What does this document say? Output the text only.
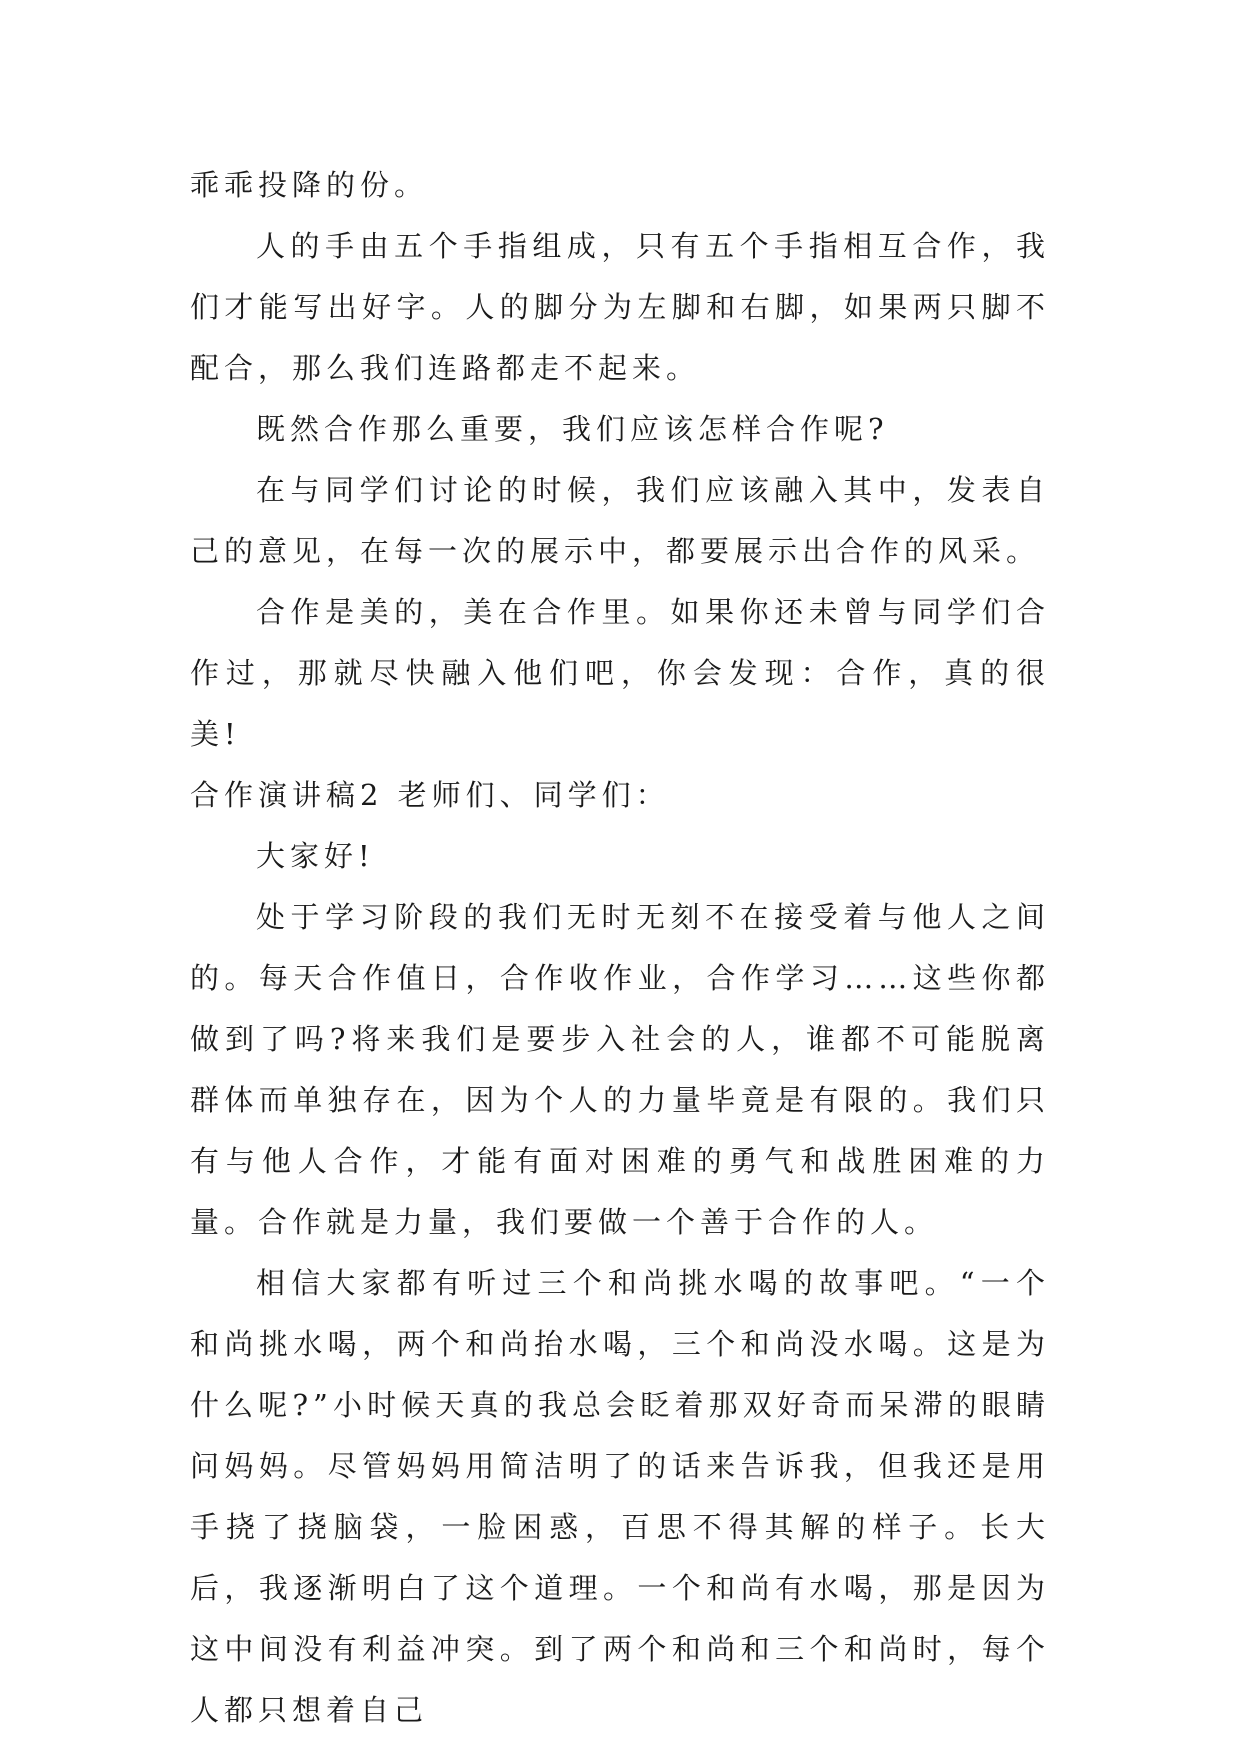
乖乖投降的份。

人的手由五个手指组成，只有五个手指相互合作，我们才能写出好字。人的脚分为左脚和右脚，如果两只脚不配合，那么我们连路都走不起来。

既然合作那么重要，我们应该怎样合作呢?

在与同学们讨论的时候，我们应该融入其中，发表自己的意见，在每一次的展示中，都要展示出合作的风采。

合作是美的，美在合作里。如果你还未曾与同学们合作过，那就尽快融入他们吧，你会发现：合作，真的很美!

合作演讲稿2 老师们、同学们：

大家好!

处于学习阶段的我们无时无刻不在接受着与他人之间的。每天合作值日，合作收作业，合作学习……这些你都做到了吗?将来我们是要步入社会的人，谁都不可能脱离群体而单独存在，因为个人的力量毕竟是有限的。我们只有与他人合作，才能有面对困难的勇气和战胜困难的力量。合作就是力量，我们要做一个善于合作的人。

相信大家都有听过三个和尚挑水喝的故事吧。“一个和尚挑水喝，两个和尚抬水喝，三个和尚没水喝。这是为什么呢?”小时候天真的我总会眨着那双好奇而呆滞的眼睛问妈妈。尽管妈妈用简洁明了的话来告诉我，但我还是用手挠了挠脑袋，一脸困惑，百思不得其解的样子。长大后，我逐渐明白了这个道理。一个和尚有水喝，那是因为这中间没有利益冲突。到了两个和尚和三个和尚时，每个人都只想着自己
